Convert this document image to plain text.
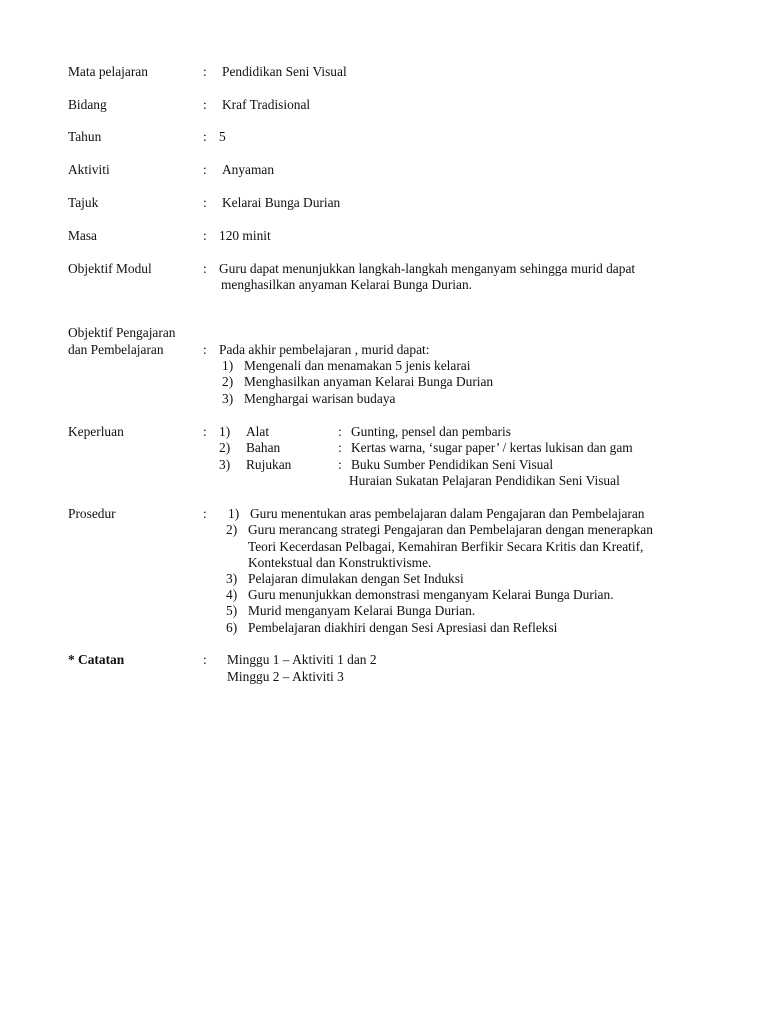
Mata pelajaran	: Pendidikan Seni Visual
Bidang	: Kraf Tradisional
Tahun	: 5
Aktiviti	: Anyaman
Tajuk	: Kelarai Bunga Durian
Masa	: 120 minit
Objektif Modul	: Guru dapat menunjukkan langkah-langkah menganyam sehingga murid dapat
menghasilkan anyaman Kelarai Bunga Durian.
Objektif Pengajaran
dan Pembelajaran	: Pada akhir pembelajaran , murid dapat:
1) Mengenali dan menamakan 5 jenis kelarai
2) Menghasilkan anyaman Kelarai Bunga Durian
3) Menghargai warisan budaya
Keperluan	: 1) Alat	: Gunting, pensel dan pembaris
2) Bahan	: Kertas warna, ‘sugar paper’ / kertas lukisan dan gam
3) Rujukan	: Buku Sumber Pendidikan Seni Visual
Huraian Sukatan Pelajaran Pendidikan Seni Visual
Prosedur	: 1) Guru menentukan aras pembelajaran dalam Pengajaran dan Pembelajaran
2) Guru merancang strategi Pengajaran dan Pembelajaran dengan menerapkan
Teori Kecerdasan Pelbagai, Kemahiran Berfikir Secara Kritis dan Kreatif,
Kontekstual dan Konstruktivisme.
3) Pelajaran dimulakan dengan Set Induksi
4) Guru menunjukkan demonstrasi menganyam Kelarai Bunga Durian.
5) Murid menganyam Kelarai Bunga Durian.
6) Pembelajaran diakhiri dengan Sesi Apresiasi dan Refleksi
* Catatan	: Minggu 1 – Aktiviti 1 dan 2
Minggu 2 – Aktiviti 3
